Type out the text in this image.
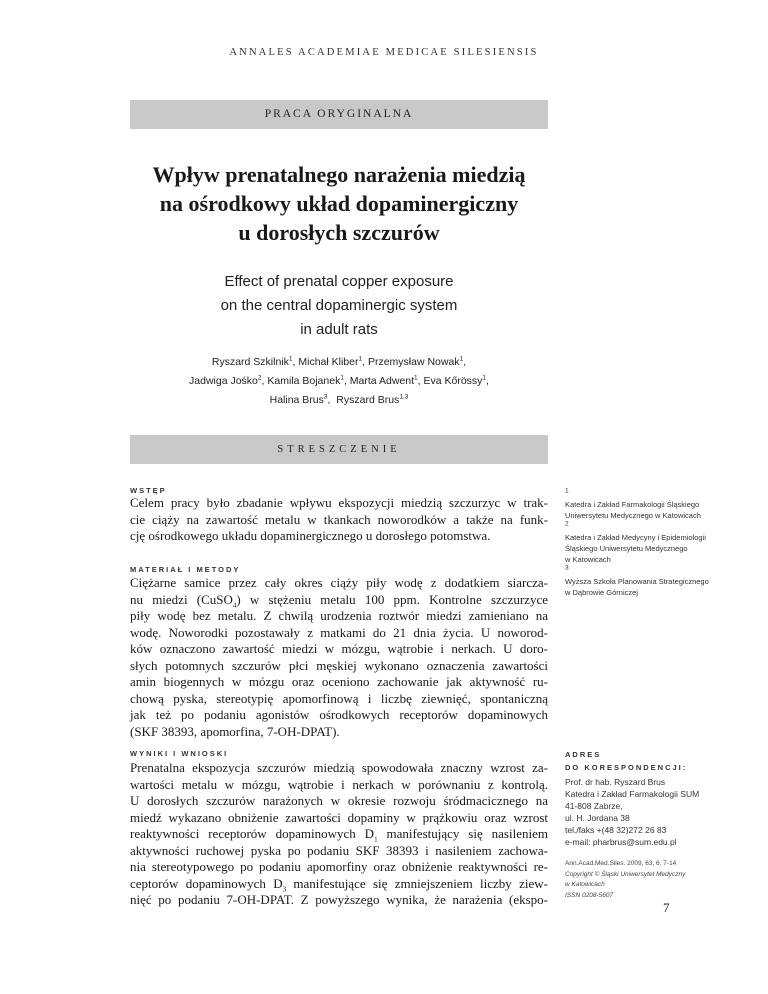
ANNALES ACADEMIAE MEDICAE SILESIENSIS
PRACA ORYGINALNA
Wpływ prenatalnego narażenia miedzią
na ośrodkowy układ dopaminergiczny
u dorosłych szczurów
Effect of prenatal copper exposure
on the central dopaminergic system
in adult rats
Ryszard Szkilnik$^1$, Michał Kliber$^1$, Przemysław Nowak$^1$,
Jadwiga Jośko$^2$, Kamila Bojanek$^1$, Marta Adwent$^1$, Eva Kőrössy$^1$,
Halina Brus$^3$,  Ryszard Brus$^{1,3}$
STRESZCZENIE
WSTĘP
Celem pracy było zbadanie wpływu ekspozycji miedzią szczurzyc w trak-
cie ciąży na zawartość metalu w tkankach noworodków a także na funk-
cję ośrodkowego układu dopaminergicznego u dorosłego potomstwa.
MATERIAŁ I METODY
Ciężarne samice przez cały okres ciąży piły wodę z dodatkiem siarcza-
nu miedzi (CuSO$_4$) w stężeniu metalu 100 ppm. Kontrolne szczurzyce
piły wodę bez metalu. Z chwilą urodzenia roztwór miedzi zamieniano na
wodę. Noworodki pozostawały z matkami do 21 dnia życia. U noworod-
ków oznaczono zawartość miedzi w mózgu, wątrobie i nerkach. U doro-
słych potomnych szczurów płci męskiej wykonano oznaczenia zawartości
amin biogennych w mózgu oraz oceniono zachowanie jak aktywność ru-
chową pyska, stereotypię apomorfinową i liczbę ziewnięć, spontaniczną
jak też po podaniu agonistów ośrodkowych receptorów dopaminowych
(SKF 38393, apomorfina, 7-OH-DPAT).
WYNIKI I WNIOSKI
Prenatalna ekspozycja szczurów miedzią spowodowała znaczny wzrost za-
wartości metalu w mózgu, wątrobie i nerkach w porównaniu z kontrolą.
U dorosłych szczurów narażonych w okresie rozwoju śródmacicznego na
miedź wykazano obniżenie zawartości dopaminy w prążkowiu oraz wzrost
reaktywności receptorów dopaminowych $D_1$ manifestujący się nasileniem
aktywności ruchowej pyska po podaniu SKF 38393 i nasileniem zachowa-
nia stereotypowego po podaniu apomorfiny oraz obniżenie reaktywności re-
ceptorów dopaminowych $D_3$ manifestujące się zmniejszeniem liczby ziew-
nięć po podaniu 7-OH-DPAT. Z powyższego wynika, że narażenia (ekspo-
$^1$
Katedra i Zakład Farmakologii Śląskiego
Uniwersytetu Medycznego w Katowicach
$^2$
Katedra i Zakład Medycyny i Epidemiologii
Śląskiego Uniwersytetu Medycznego
w Katowicach
$^3$
Wyższa Szkoła Planowania Strategicznego
w Dąbrowie Górniczej
ADRES
DO KORESPONDENCJI:
Prof. dr hab. Ryszard Brus
Katedra i Zakład Farmakologii SUM
41-808 Zabrze,
ul. H. Jordana 38
tel./faks +(48 32)272 26 83
e-mail: pharbrus@sum.edu.pl
Ann.Acad.Med.Siles. 2009, 63, 6, 7-14
Copyright © Śląski Uniwersytet Medyczny
w Katowicach
ISSN 0208-5607
7
